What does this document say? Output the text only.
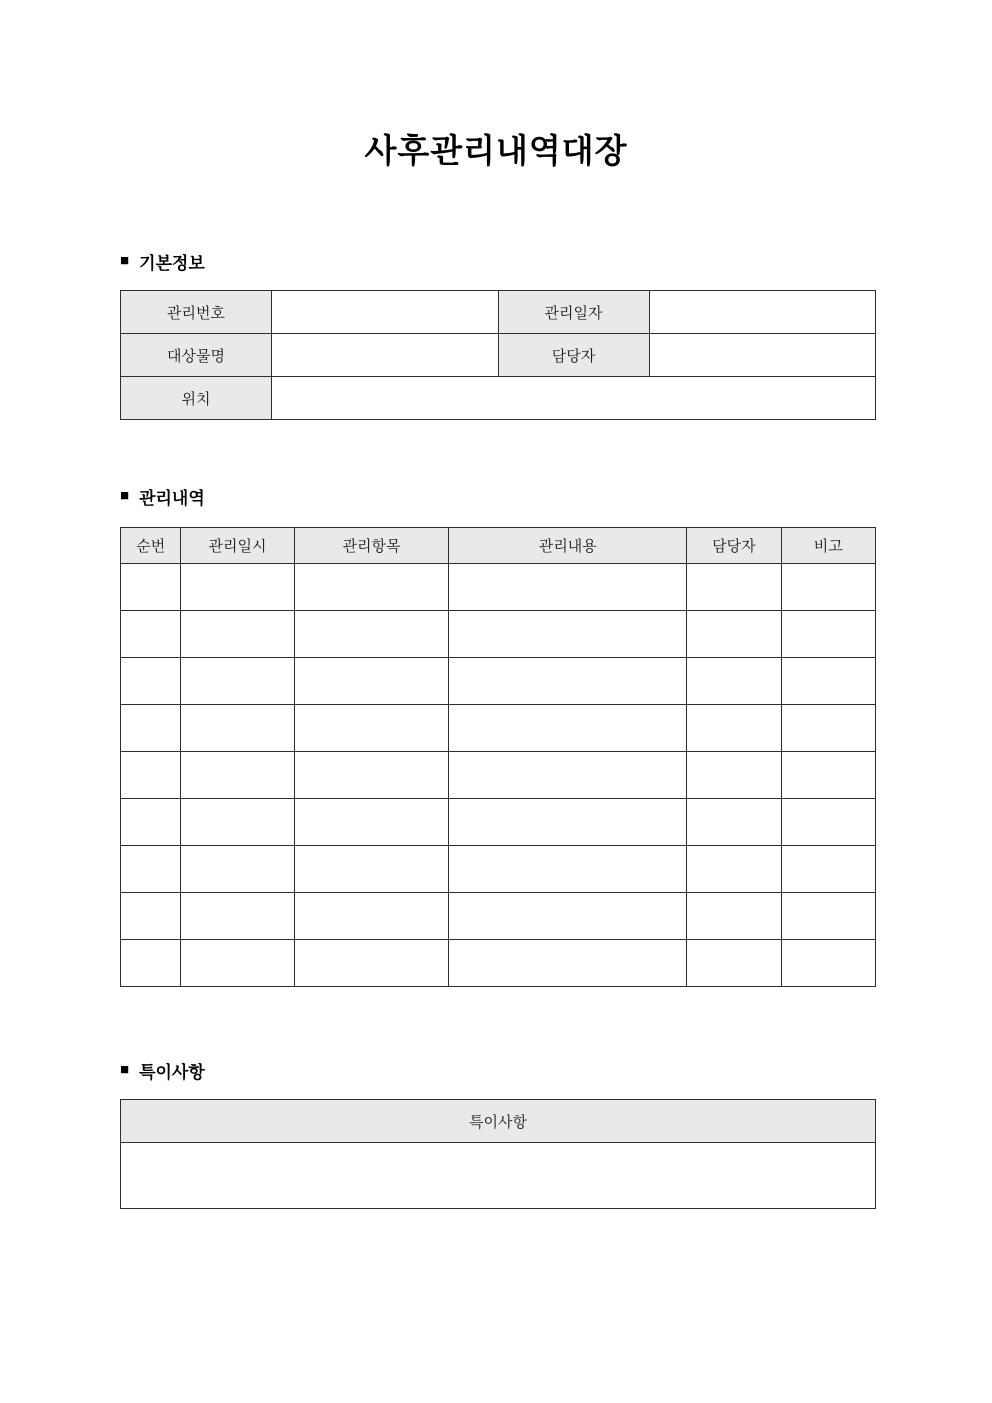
사후관리내역대장
■ 기본정보
관리번호		관리일자	
대상물명		담당자	
위치			
■ 관리내역
순번	관리일시	관리항목	관리내용	담당자	비고

■ 특이사항
특이사항
